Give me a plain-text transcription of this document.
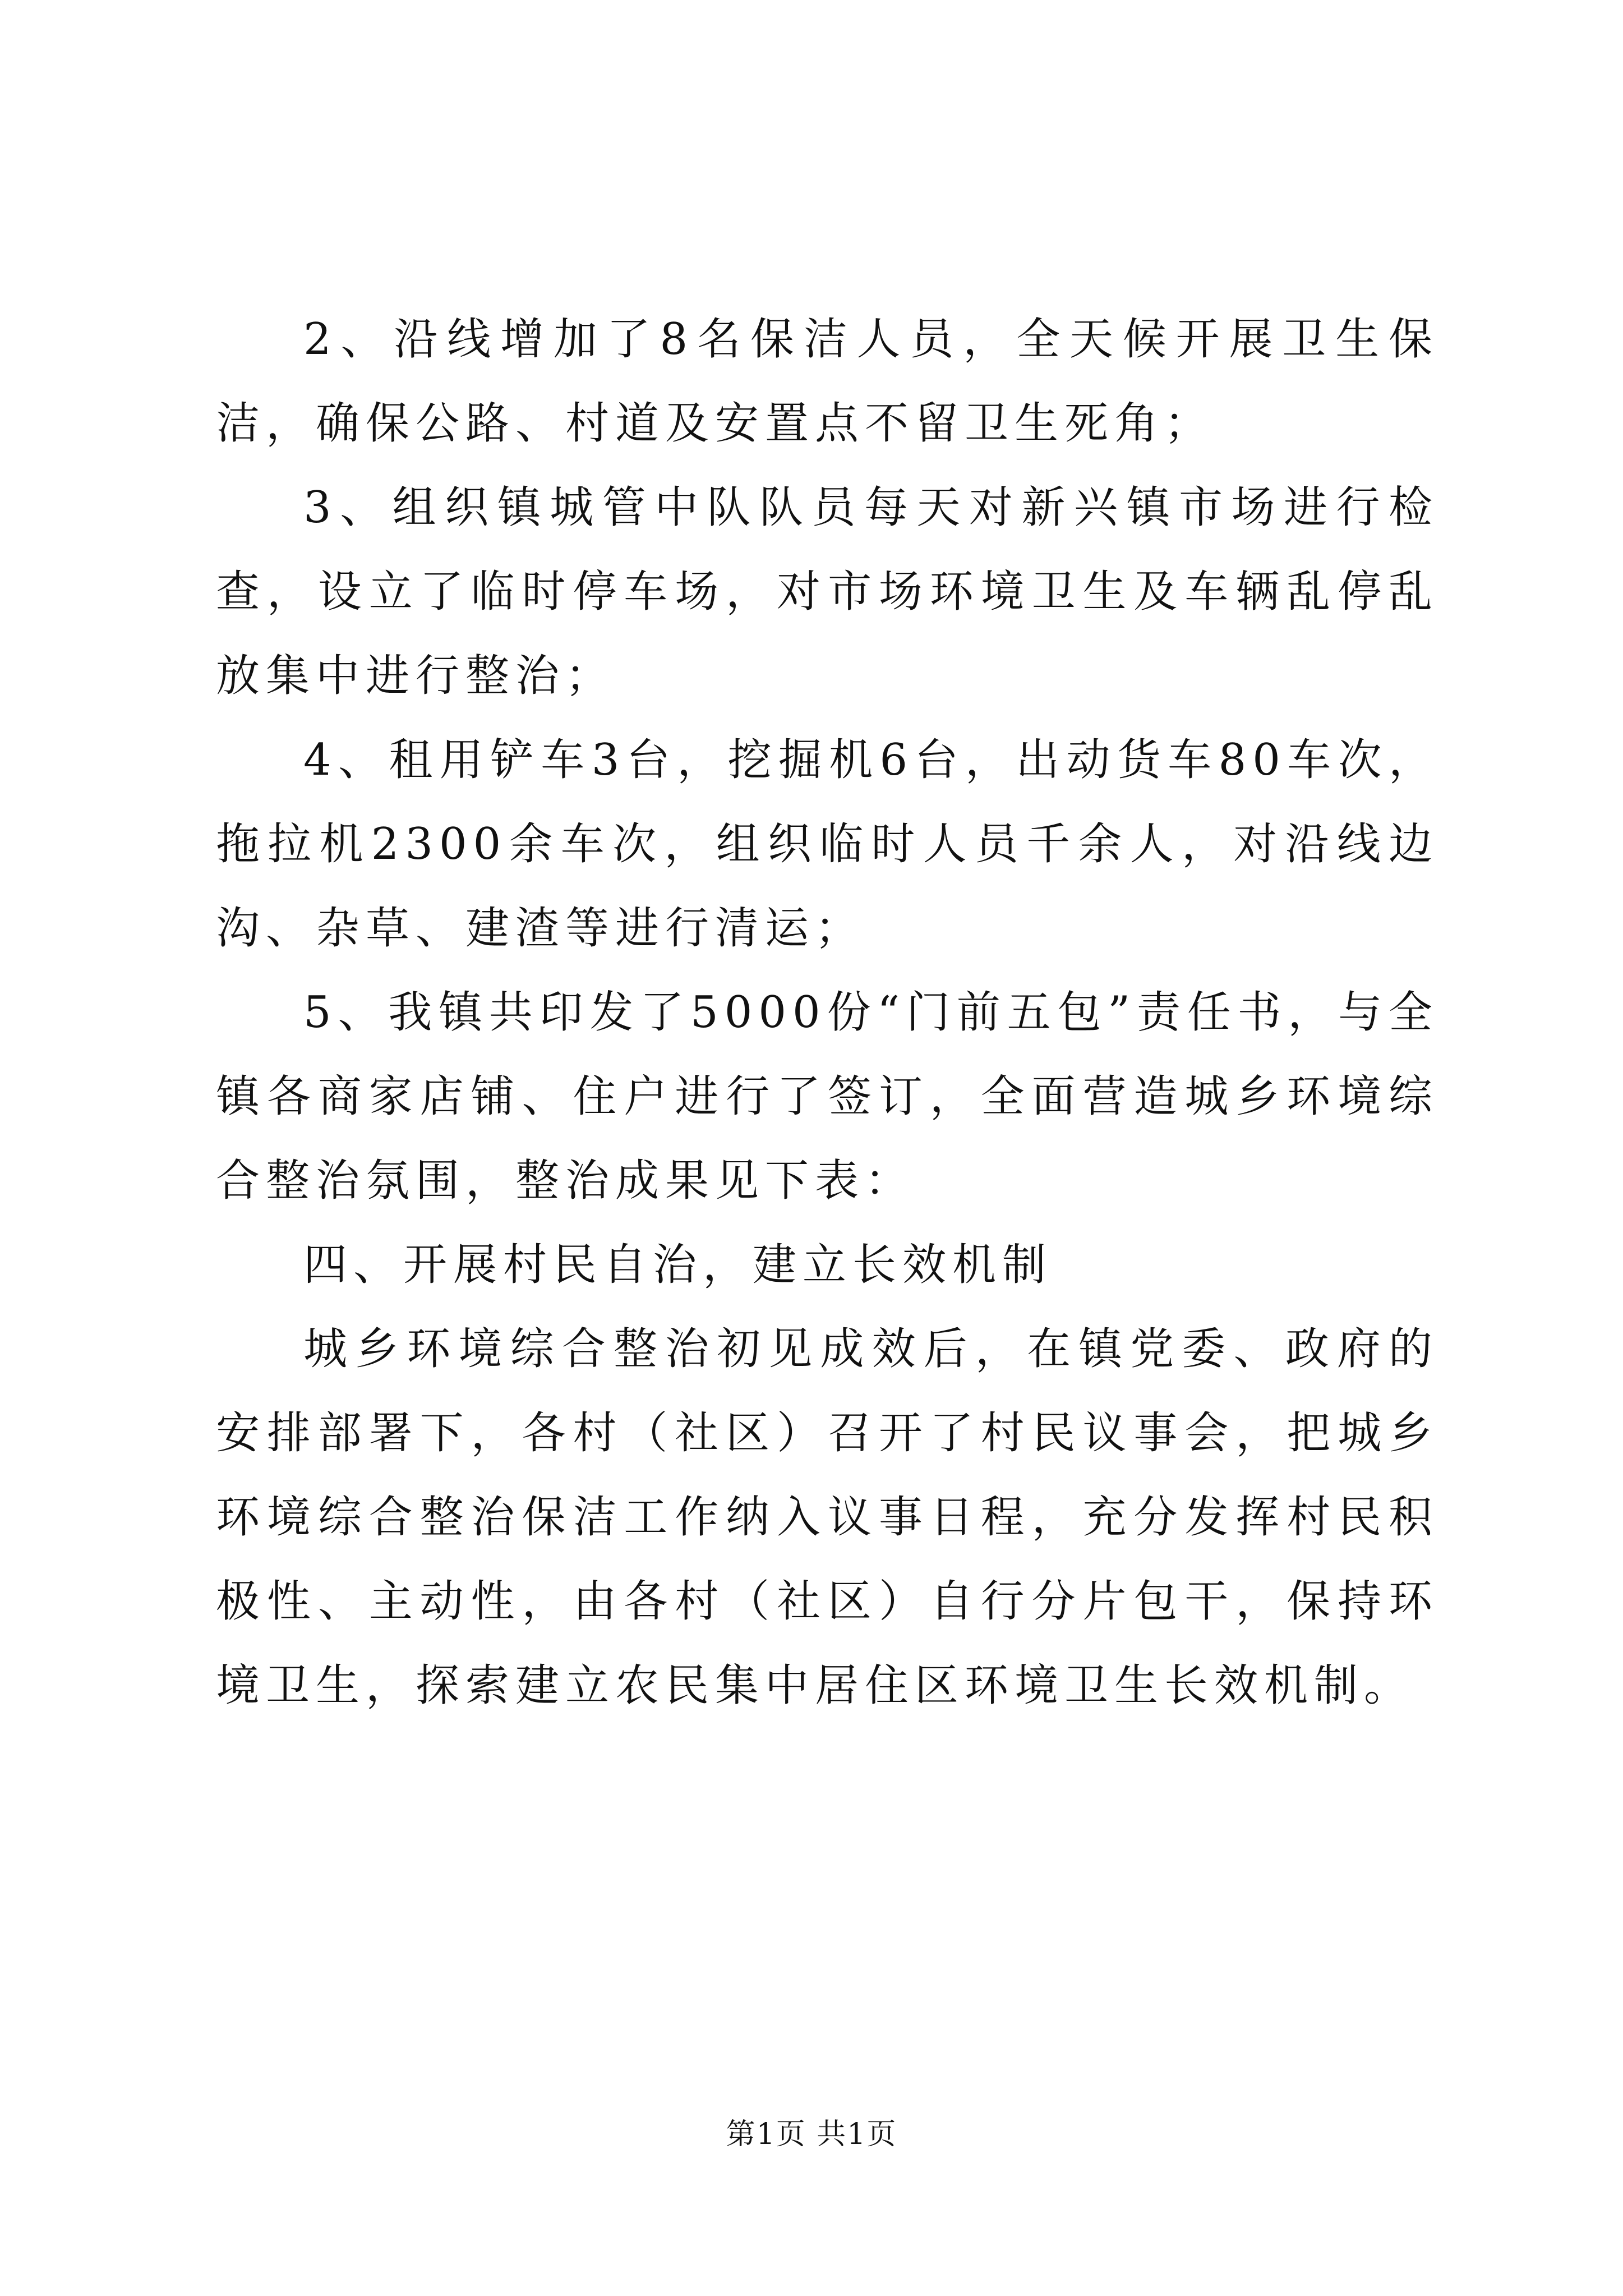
2、沿线增加了8名保洁人员，全天候开展卫生保洁，确保公路、村道及安置点不留卫生死角；

3、组织镇城管中队队员每天对新兴镇市场进行检查，设立了临时停车场，对市场环境卫生及车辆乱停乱放集中进行整治；

4、租用铲车3台，挖掘机6台，出动货车80车次，拖拉机2300余车次，组织临时人员千余人，对沿线边沟、杂草、建渣等进行清运；

5、我镇共印发了5000份“门前五包”责任书，与全镇各商家店铺、住户进行了签订，全面营造城乡环境综合整治氛围，整治成果见下表：

四、开展村民自治，建立长效机制

城乡环境综合整治初见成效后，在镇党委、政府的安排部署下，各村（社区）召开了村民议事会，把城乡环境综合整治保洁工作纳入议事日程，充分发挥村民积极性、主动性，由各村（社区）自行分片包干，保持环境卫生，探索建立农民集中居住区环境卫生长效机制。

第1页 共1页
